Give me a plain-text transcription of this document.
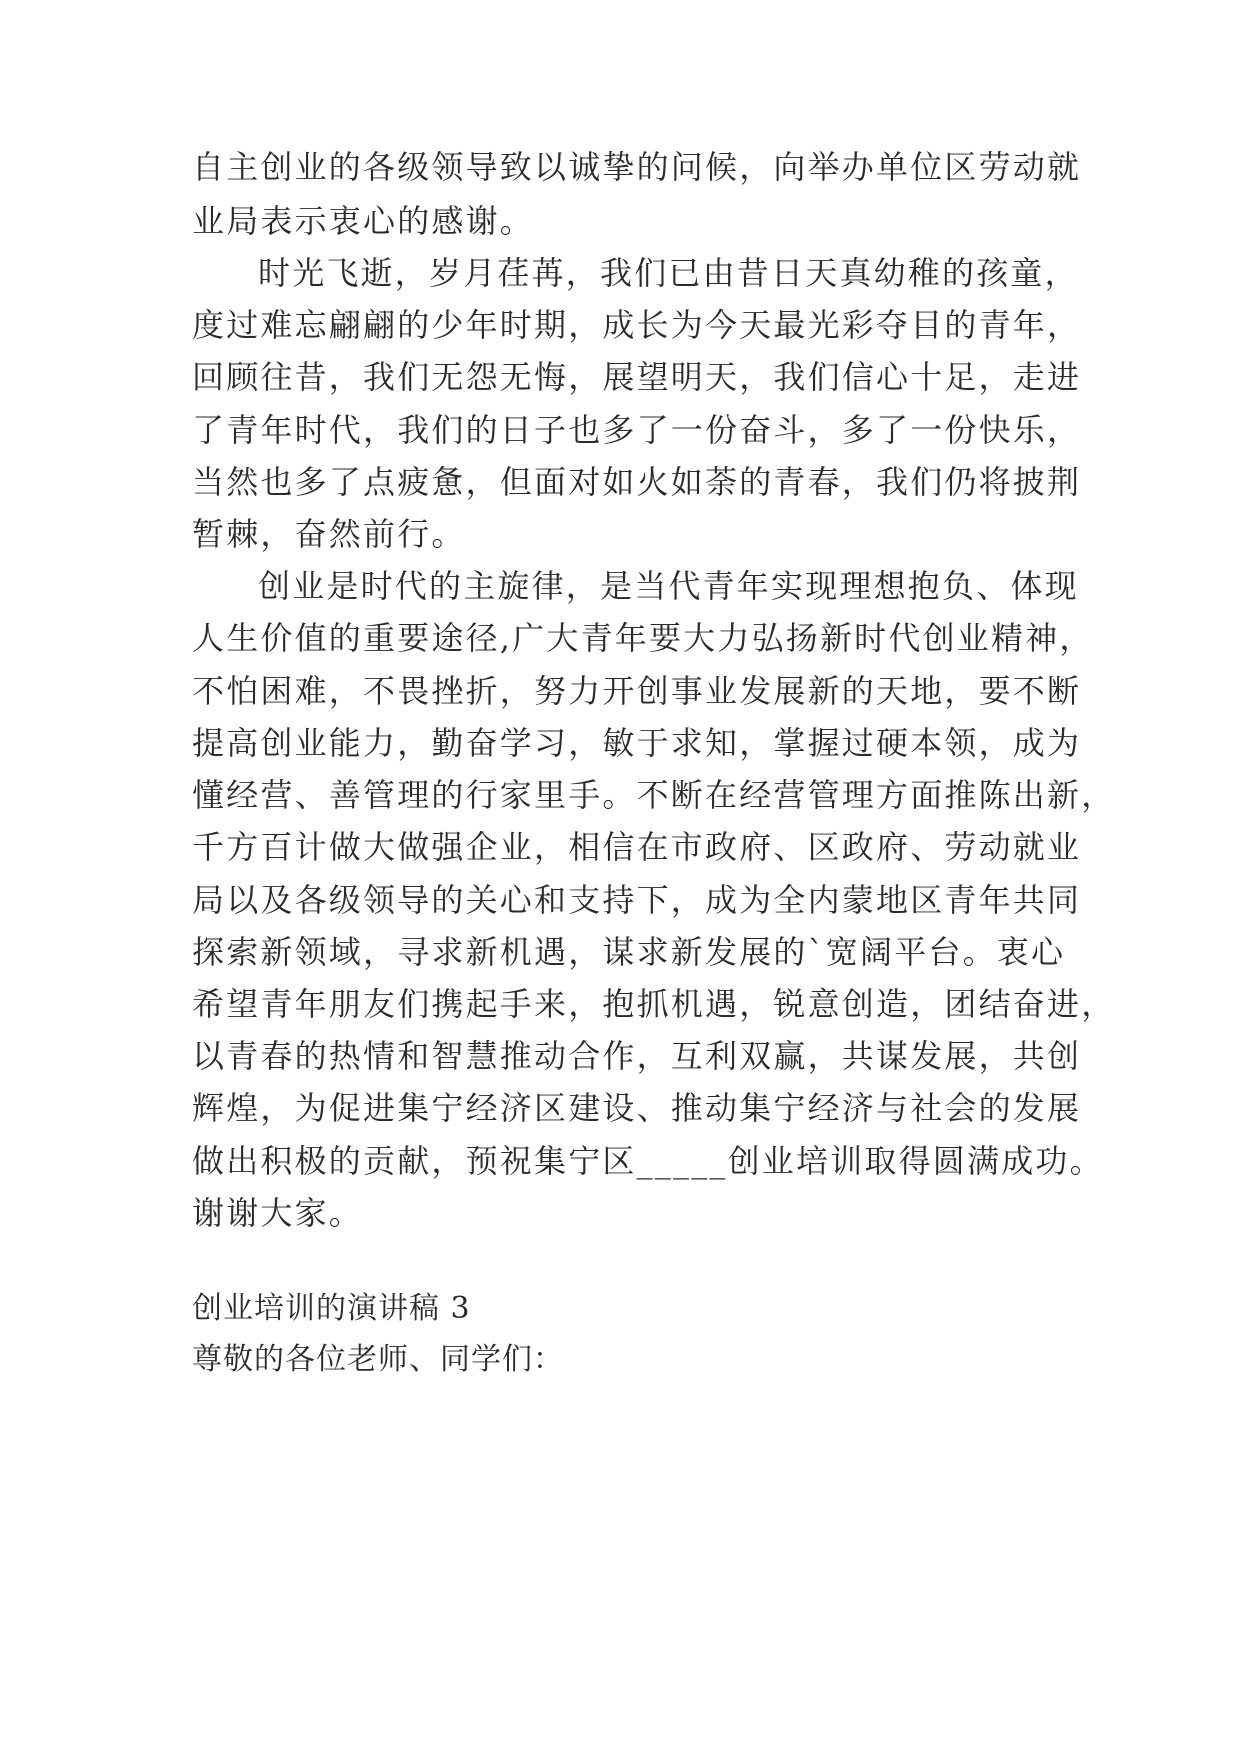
自主创业的各级领导致以诚挚的问候，向举办单位区劳动就
业局表示衷心的感谢。
时光飞逝，岁月荏苒，我们已由昔日天真幼稚的孩童，
度过难忘翩翩的少年时期，成长为今天最光彩夺目的青年，
回顾往昔，我们无怨无悔，展望明天，我们信心十足，走进
了青年时代，我们的日子也多了一份奋斗，多了一份快乐，
当然也多了点疲惫，但面对如火如荼的青春，我们仍将披荆
暂棘，奋然前行。
创业是时代的主旋律，是当代青年实现理想抱负、体现
人生价值的重要途径,广大青年要大力弘扬新时代创业精神，
不怕困难，不畏挫折，努力开创事业发展新的天地，要不断
提高创业能力，勤奋学习，敏于求知，掌握过硬本领，成为
懂经营、善管理的行家里手。不断在经营管理方面推陈出新，
千方百计做大做强企业，相信在市政府、区政府、劳动就业
局以及各级领导的关心和支持下，成为全内蒙地区青年共同
探索新领域，寻求新机遇，谋求新发展的`宽阔平台。衷心
希望青年朋友们携起手来，抱抓机遇，锐意创造，团结奋进，
以青春的热情和智慧推动合作，互利双赢，共谋发展，共创
辉煌，为促进集宁经济区建设、推动集宁经济与社会的发展
做出积极的贡献，预祝集宁区_____创业培训取得圆满成功。
谢谢大家。
创业培训的演讲稿 3
尊敬的各位老师、同学们：
